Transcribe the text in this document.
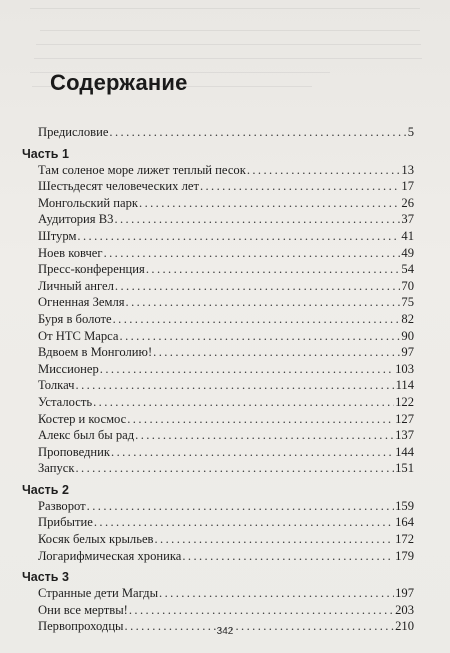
Содержание
Предисловие .....	5
Часть 1
Там соленое море лижет теплый песок .....	13
Шестьдесят человеческих лет .....	17
Монгольский парк .....	26
Аудитория В3 .....	37
Штурм .....	41
Ноев ковчег .....	49
Пресс-конференция .....	54
Личный ангел .....	70
Огненная Земля .....	75
Буря в болоте .....	82
От НТС Марса .....	90
Вдвоем в Монголию! .....	97
Миссионер .....	103
Толкач .....	114
Усталость .....	122
Костер и космос .....	127
Алекс был бы рад .....	137
Проповедник .....	144
Запуск .....	151
Часть 2
Разворот .....	159
Прибытие .....	164
Косяк белых крыльев .....	172
Логарифмическая хроника .....	179
Часть 3
Странные дети Магды .....	197
Они все мертвы! .....	203
Первопроходцы .....	210
342
